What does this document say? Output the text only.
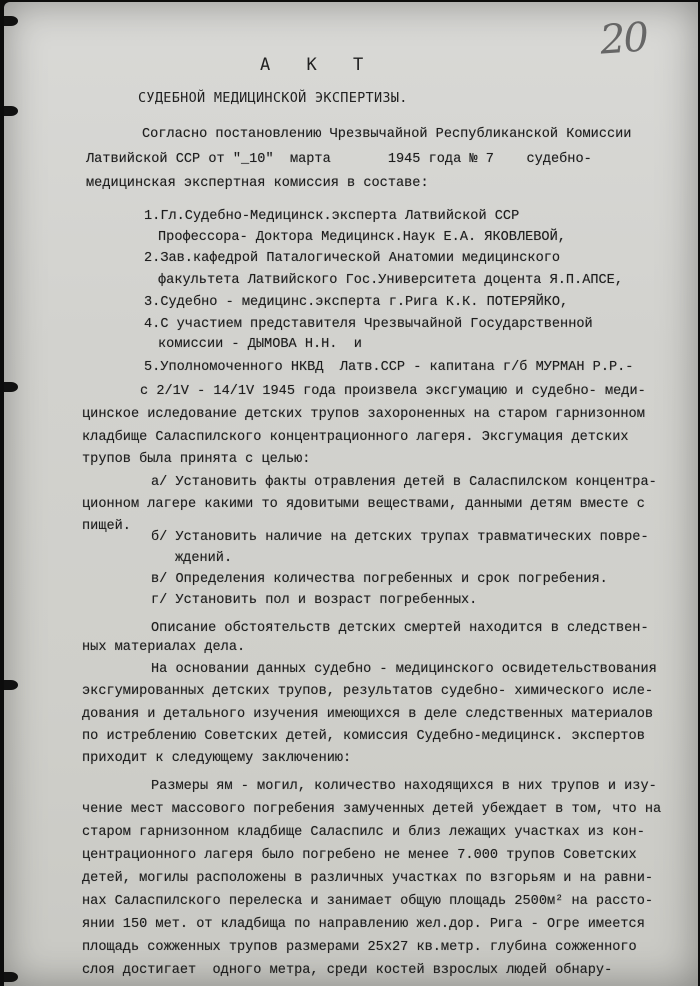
20
А К Т
СУДЕБНОЙ МЕДИЦИНСКОЙ ЭКСПЕРТИЗЫ.

Согласно постановлению Чрезвычайной Республиканской Комиссии

Латвийской ССР от "_10"  марта       1945 года № 7    судебно-

медицинская экспертная комиссия в составе:

1.Гл.Судебно-Медицинск.эксперта Латвийской ССР

Профессора- Доктора Медицинск.Наук Е.А. ЯКОВЛЕВОЙ,

2.Зав.кафедрой Паталогической Анатомии медицинского

факультета Латвийского Гос.Университета доцента Я.П.АПСЕ,

3.Судебно - медицинс.эксперта г.Рига К.К. ПОТЕРЯЙКО,

4.С участием представителя Чрезвычайной Государственной

комиссии - ДЫМОВА Н.Н.  и

5.Уполномоченного НКВД  Латв.ССР - капитана г/б МУРМАН Р.Р.-

с 2/1V - 14/1V 1945 года произвела эксгумацию и судебно- меди-

цинское иследование детских трупов захороненных на старом гарнизонном

кладбище Саласпилского концентрационного лагеря. Эксгумация детских

трупов была принята с целью:

а/ Установить факты отравления детей в Саласпилском концентра-

ционном лагере какими то ядовитыми веществами, данными детям вместе с

пищей.

б/ Установить наличие на детских трупах травматических повре-

ждений.

в/ Определения количества погребенных и срок погребения.

г/ Установить пол и возраст погребенных.

Описание обстоятельств детских смертей находится в следствен-

ных материалах дела.

На основании данных судебно - медицинского освидетельствования

эксгумированных детских трупов, результатов судебно- химического иcле-

дования и детального изучения имеющихся в деле следственных материалов

по истреблению Советских детей, комиссия Судебно-медицинск. экспертов

приходит к следующему заключению:

Размеры ям - могил, количество находящихся в них трупов и изу-

чение мест массового погребения замученных детей убеждает в том, что на

старом гарнизонном кладбище Саласпилс и близ лежащих участках из кон-

центрационного лагеря было погребено не менее 7.000 трупов Советских

детей, могилы расположены в различных участках по взгорьям и на равни-

нах Саласпилского перелеска и занимает общую площадь 2500м² на рассто-

янии 150 мет. от кладбища по направлению жел.дор. Рига - Огре имеется

площадь сожженных трупов размерами 25x27 кв.метр. глубина сожженного

слоя достигает  одного метра, среди костей взрослых людей обнару-
